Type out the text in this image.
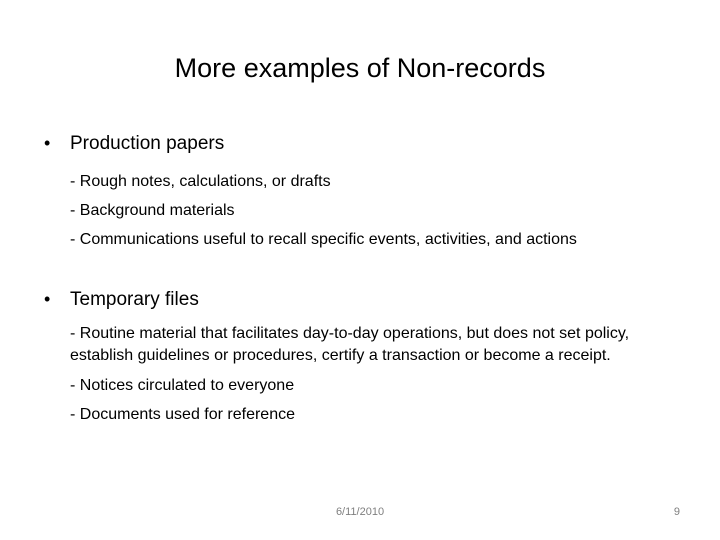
More examples of Non-records
•	Production papers
- Rough notes, calculations, or drafts
- Background materials
- Communications useful to recall specific events, activities, and actions
•	Temporary files
- Routine material that facilitates day-to-day operations, but does not set policy, establish guidelines or procedures, certify a transaction or become a receipt.
- Notices circulated to everyone
- Documents used for reference
6/11/2010	9
